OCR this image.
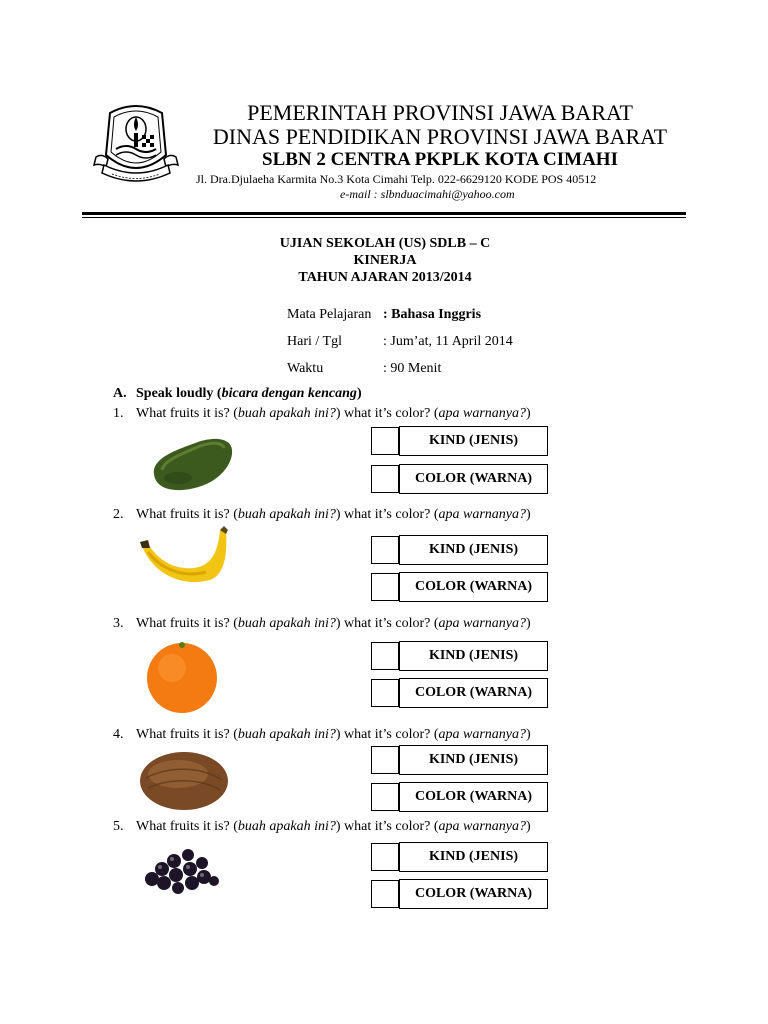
PEMERINTAH PROVINSI JAWA BARAT
DINAS PENDIDIKAN PROVINSI JAWA BARAT
SLBN 2 CENTRA PKPLK KOTA CIMAHI
Jl. Dra.Djulaeha Karmita No.3 Kota Cimahi Telp. 022-6629120 KODE POS 40512
e-mail : slbnduacimahi@yahoo.com
UJIAN SEKOLAH (US) SDLB – C
KINERJA
TAHUN AJARAN 2013/2014
Mata Pelajaran : Bahasa Inggris
Hari / Tgl	: Jum’at, 11 April 2014
Waktu	: 90 Menit
A. Speak loudly (bicara dengan kencang)
1. What fruits it is? (buah apakah ini?) what it’s color? (apa warnanya?)
KIND (JENIS)
COLOR (WARNA)
2. What fruits it is? (buah apakah ini?) what it’s color? (apa warnanya?)
KIND (JENIS)
COLOR (WARNA)
3. What fruits it is? (buah apakah ini?) what it’s color? (apa warnanya?)
KIND (JENIS)
COLOR (WARNA)
4. What fruits it is? (buah apakah ini?) what it’s color? (apa warnanya?)
KIND (JENIS)
COLOR (WARNA)
5. What fruits it is? (buah apakah ini?) what it’s color? (apa warnanya?)
KIND (JENIS)
COLOR (WARNA)
